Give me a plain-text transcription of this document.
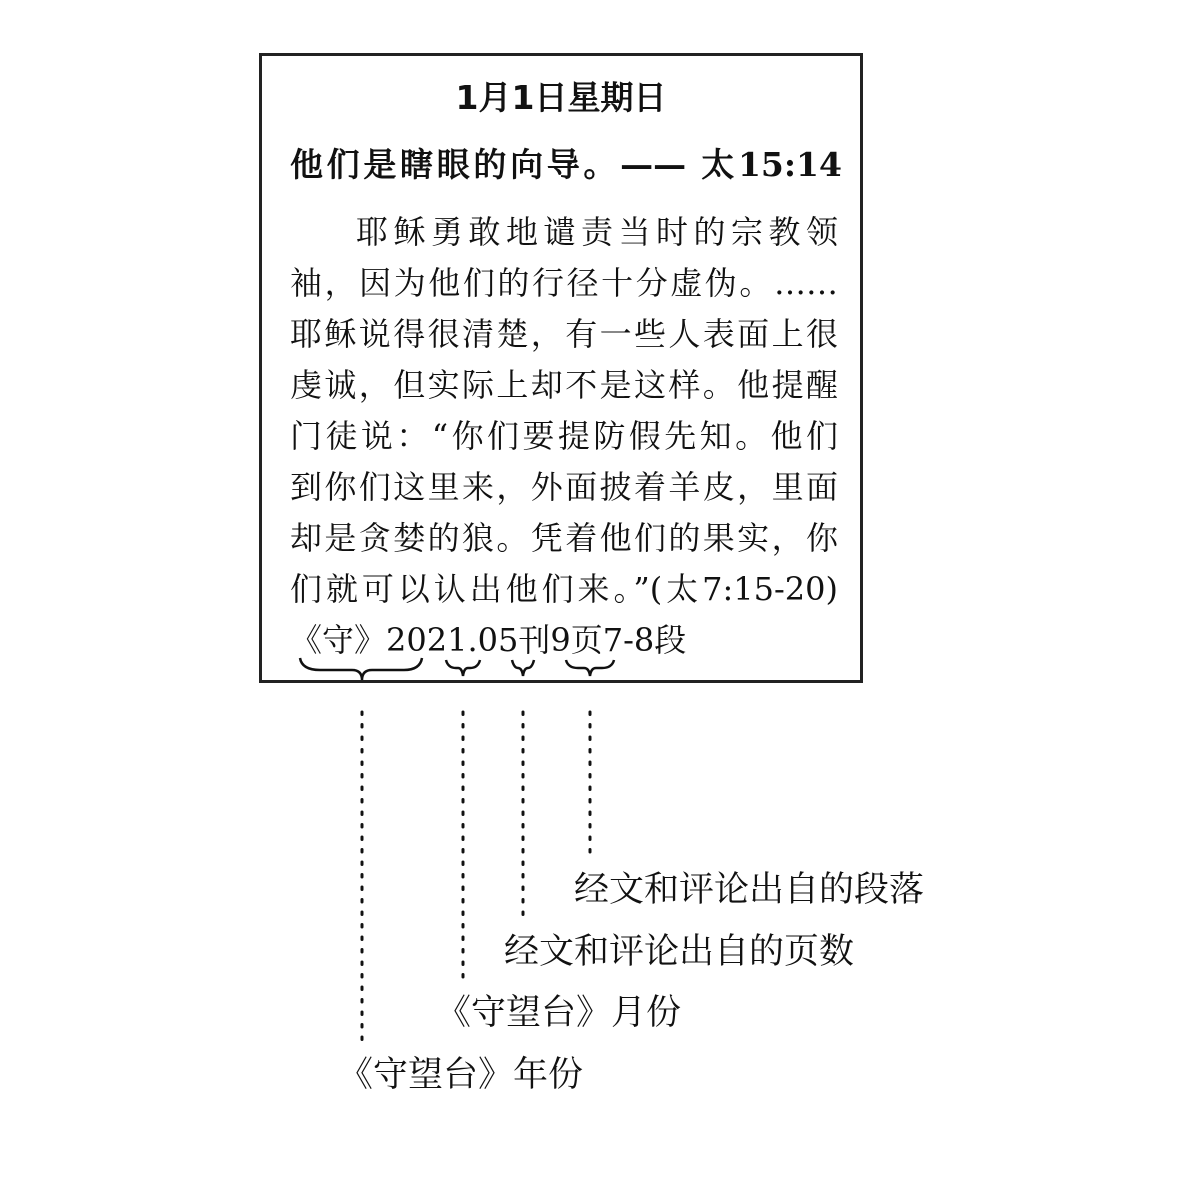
1月1日星期日
他们是瞎眼的向导。—— 太15:14
耶稣勇敢地谴责当时的宗教领
袖，因为他们的行径十分虚伪。……
耶稣说得很清楚，有一些人表面上很
虔诚，但实际上却不是这样。他提醒
门徒说：“你们要提防假先知。他们
到你们这里来，外面披着羊皮，里面
却是贪婪的狼。凭着他们的果实，你
们就可以认出他们来。”(太7:15-20)
《守》2021.05刊9页7-8段
经文和评论出自的段落
经文和评论出自的页数
《守望台》月份
《守望台》年份
